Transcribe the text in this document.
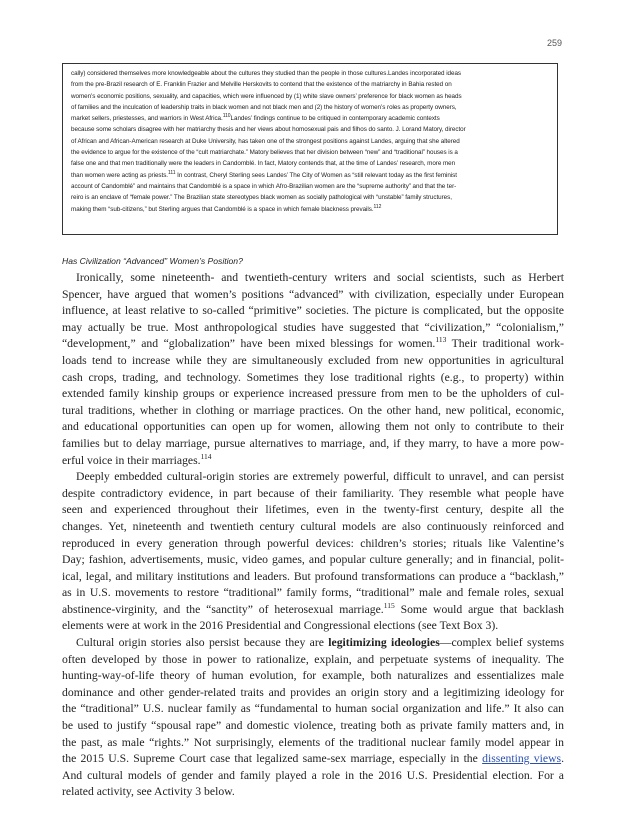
259
cally) considered themselves more knowledgeable about the cultures they studied than the people in those cultures.Landes incorporated ideas
from the pre-Brazil research of E. Franklin Frazier and Melville Herskovits to contend that the existence of the matriarchy in Bahia rested on
women’s economic positions, sexuality, and capacities, which were influenced by (1) white slave owners’ preference for black women as heads
of families and the inculcation of leadership traits in black women and not black men and (2) the history of women’s roles as property owners,
market sellers, priestesses, and warriors in West Africa.$^{110}$Landes’ findings continue to be critiqued in contemporary academic contexts
because some scholars disagree with her matriarchy thesis and her views about homosexual pais and filhos do santo. J. Lorand Matory, director
of African and African-American research at Duke University, has taken one of the strongest positions against Landes, arguing that she altered
the evidence to argue for the existence of the “cult matriarchate.” Matory believes that her division between “new” and “traditional” houses is a
false one and that men traditionally were the leaders in Candomblé. In fact, Matory contends that, at the time of Landes’ research, more men
than women were acting as priests.$^{111}$ In contrast, Cheryl Sterling sees Landes’ The City of Women as “still relevant today as the first feminist
account of Candomblé” and maintains that Candomblé is a space in which Afro-Brazilian women are the “supreme authority” and that the ter-
reiro is an enclave of “female power.” The Brazilian state stereotypes black women as socially pathological with “unstable” family structures,
making them “sub-citizens,” but Sterling argues that Candomblé is a space in which female blackness prevails.$^{112}$
Has Civilization “Advanced” Women’s Position?

Ironically, some nineteenth- and twentieth-century writers and social scientists, such as Herbert
Spencer, have argued that women’s positions “advanced” with civilization, especially under European
influence, at least relative to so-called “primitive” societies. The picture is complicated, but the opposite
may actually be true. Most anthropological studies have suggested that “civilization,” “colonialism,”
“development,” and “globalization” have been mixed blessings for women.$^{113}$ Their traditional work-
loads tend to increase while they are simultaneously excluded from new opportunities in agricultural
cash crops, trading, and technology. Sometimes they lose traditional rights (e.g., to property) within
extended family kinship groups or experience increased pressure from men to be the upholders of cul-
tural traditions, whether in clothing or marriage practices. On the other hand, new political, economic,
and educational opportunities can open up for women, allowing them not only to contribute to their
families but to delay marriage, pursue alternatives to marriage, and, if they marry, to have a more pow-
erful voice in their marriages.$^{114}$

Deeply embedded cultural-origin stories are extremely powerful, difficult to unravel, and can persist
despite contradictory evidence, in part because of their familiarity. They resemble what people have
seen and experienced throughout their lifetimes, even in the twenty-first century, despite all the
changes. Yet, nineteenth and twentieth century cultural models are also continuously reinforced and
reproduced in every generation through powerful devices: children’s stories; rituals like Valentine’s
Day; fashion, advertisements, music, video games, and popular culture generally; and in financial, polit-
ical, legal, and military institutions and leaders. But profound transformations can produce a “backlash,”
as in U.S. movements to restore “traditional” family forms, “traditional” male and female roles, sexual
abstinence-virginity, and the “sanctity” of heterosexual marriage.$^{115}$ Some would argue that backlash
elements were at work in the 2016 Presidential and Congressional elections (see Text Box 3).

Cultural origin stories also persist because they are legitimizing ideologies—complex belief systems
often developed by those in power to rationalize, explain, and perpetuate systems of inequality. The
hunting-way-of-life theory of human evolution, for example, both naturalizes and essentializes male
dominance and other gender-related traits and provides an origin story and a legitimizing ideology for
the “traditional” U.S. nuclear family as “fundamental to human social organization and life.” It also can
be used to justify “spousal rape” and domestic violence, treating both as private family matters and, in
the past, as male “rights.” Not surprisingly, elements of the traditional nuclear family model appear in
the 2015 U.S. Supreme Court case that legalized same-sex marriage, especially in the dissenting views.
And cultural models of gender and family played a role in the 2016 U.S. Presidential election. For a
related activity, see Activity 3 below.
